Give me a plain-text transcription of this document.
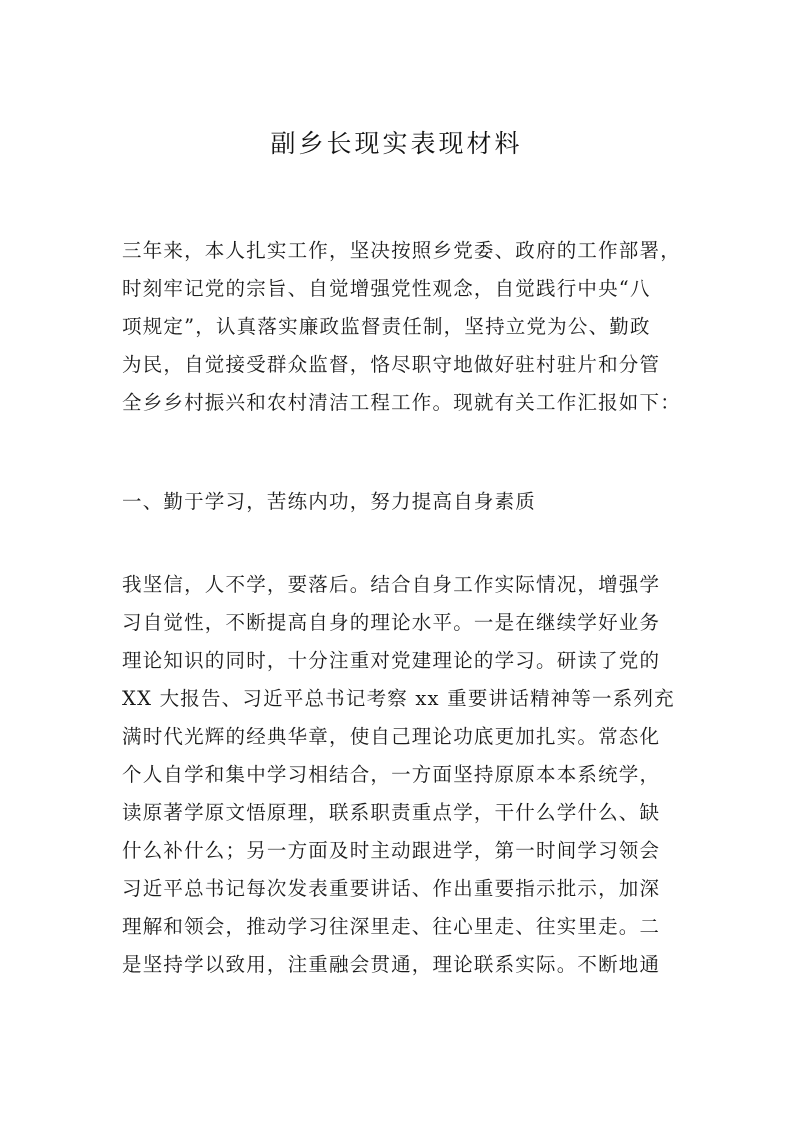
副乡长现实表现材料
三年来，本人扎实工作，坚决按照乡党委、政府的工作部署，
时刻牢记党的宗旨、自觉增强党性观念，自觉践行中央“八
项规定”，认真落实廉政监督责任制，坚持立党为公、勤政
为民，自觉接受群众监督，恪尽职守地做好驻村驻片和分管
全乡乡村振兴和农村清洁工程工作。现就有关工作汇报如下：
一、勤于学习，苦练内功，努力提高自身素质
我坚信，人不学，要落后。结合自身工作实际情况，增强学
习自觉性，不断提高自身的理论水平。一是在继续学好业务
理论知识的同时，十分注重对党建理论的学习。研读了党的
XX 大报告、习近平总书记考察 xx 重要讲话精神等一系列充
满时代光辉的经典华章，使自己理论功底更加扎实。常态化
个人自学和集中学习相结合，一方面坚持原原本本系统学，
读原著学原文悟原理，联系职责重点学，干什么学什么、缺
什么补什么；另一方面及时主动跟进学，第一时间学习领会
习近平总书记每次发表重要讲话、作出重要指示批示，加深
理解和领会，推动学习往深里走、往心里走、往实里走。二
是坚持学以致用，注重融会贯通，理论联系实际。不断地通
